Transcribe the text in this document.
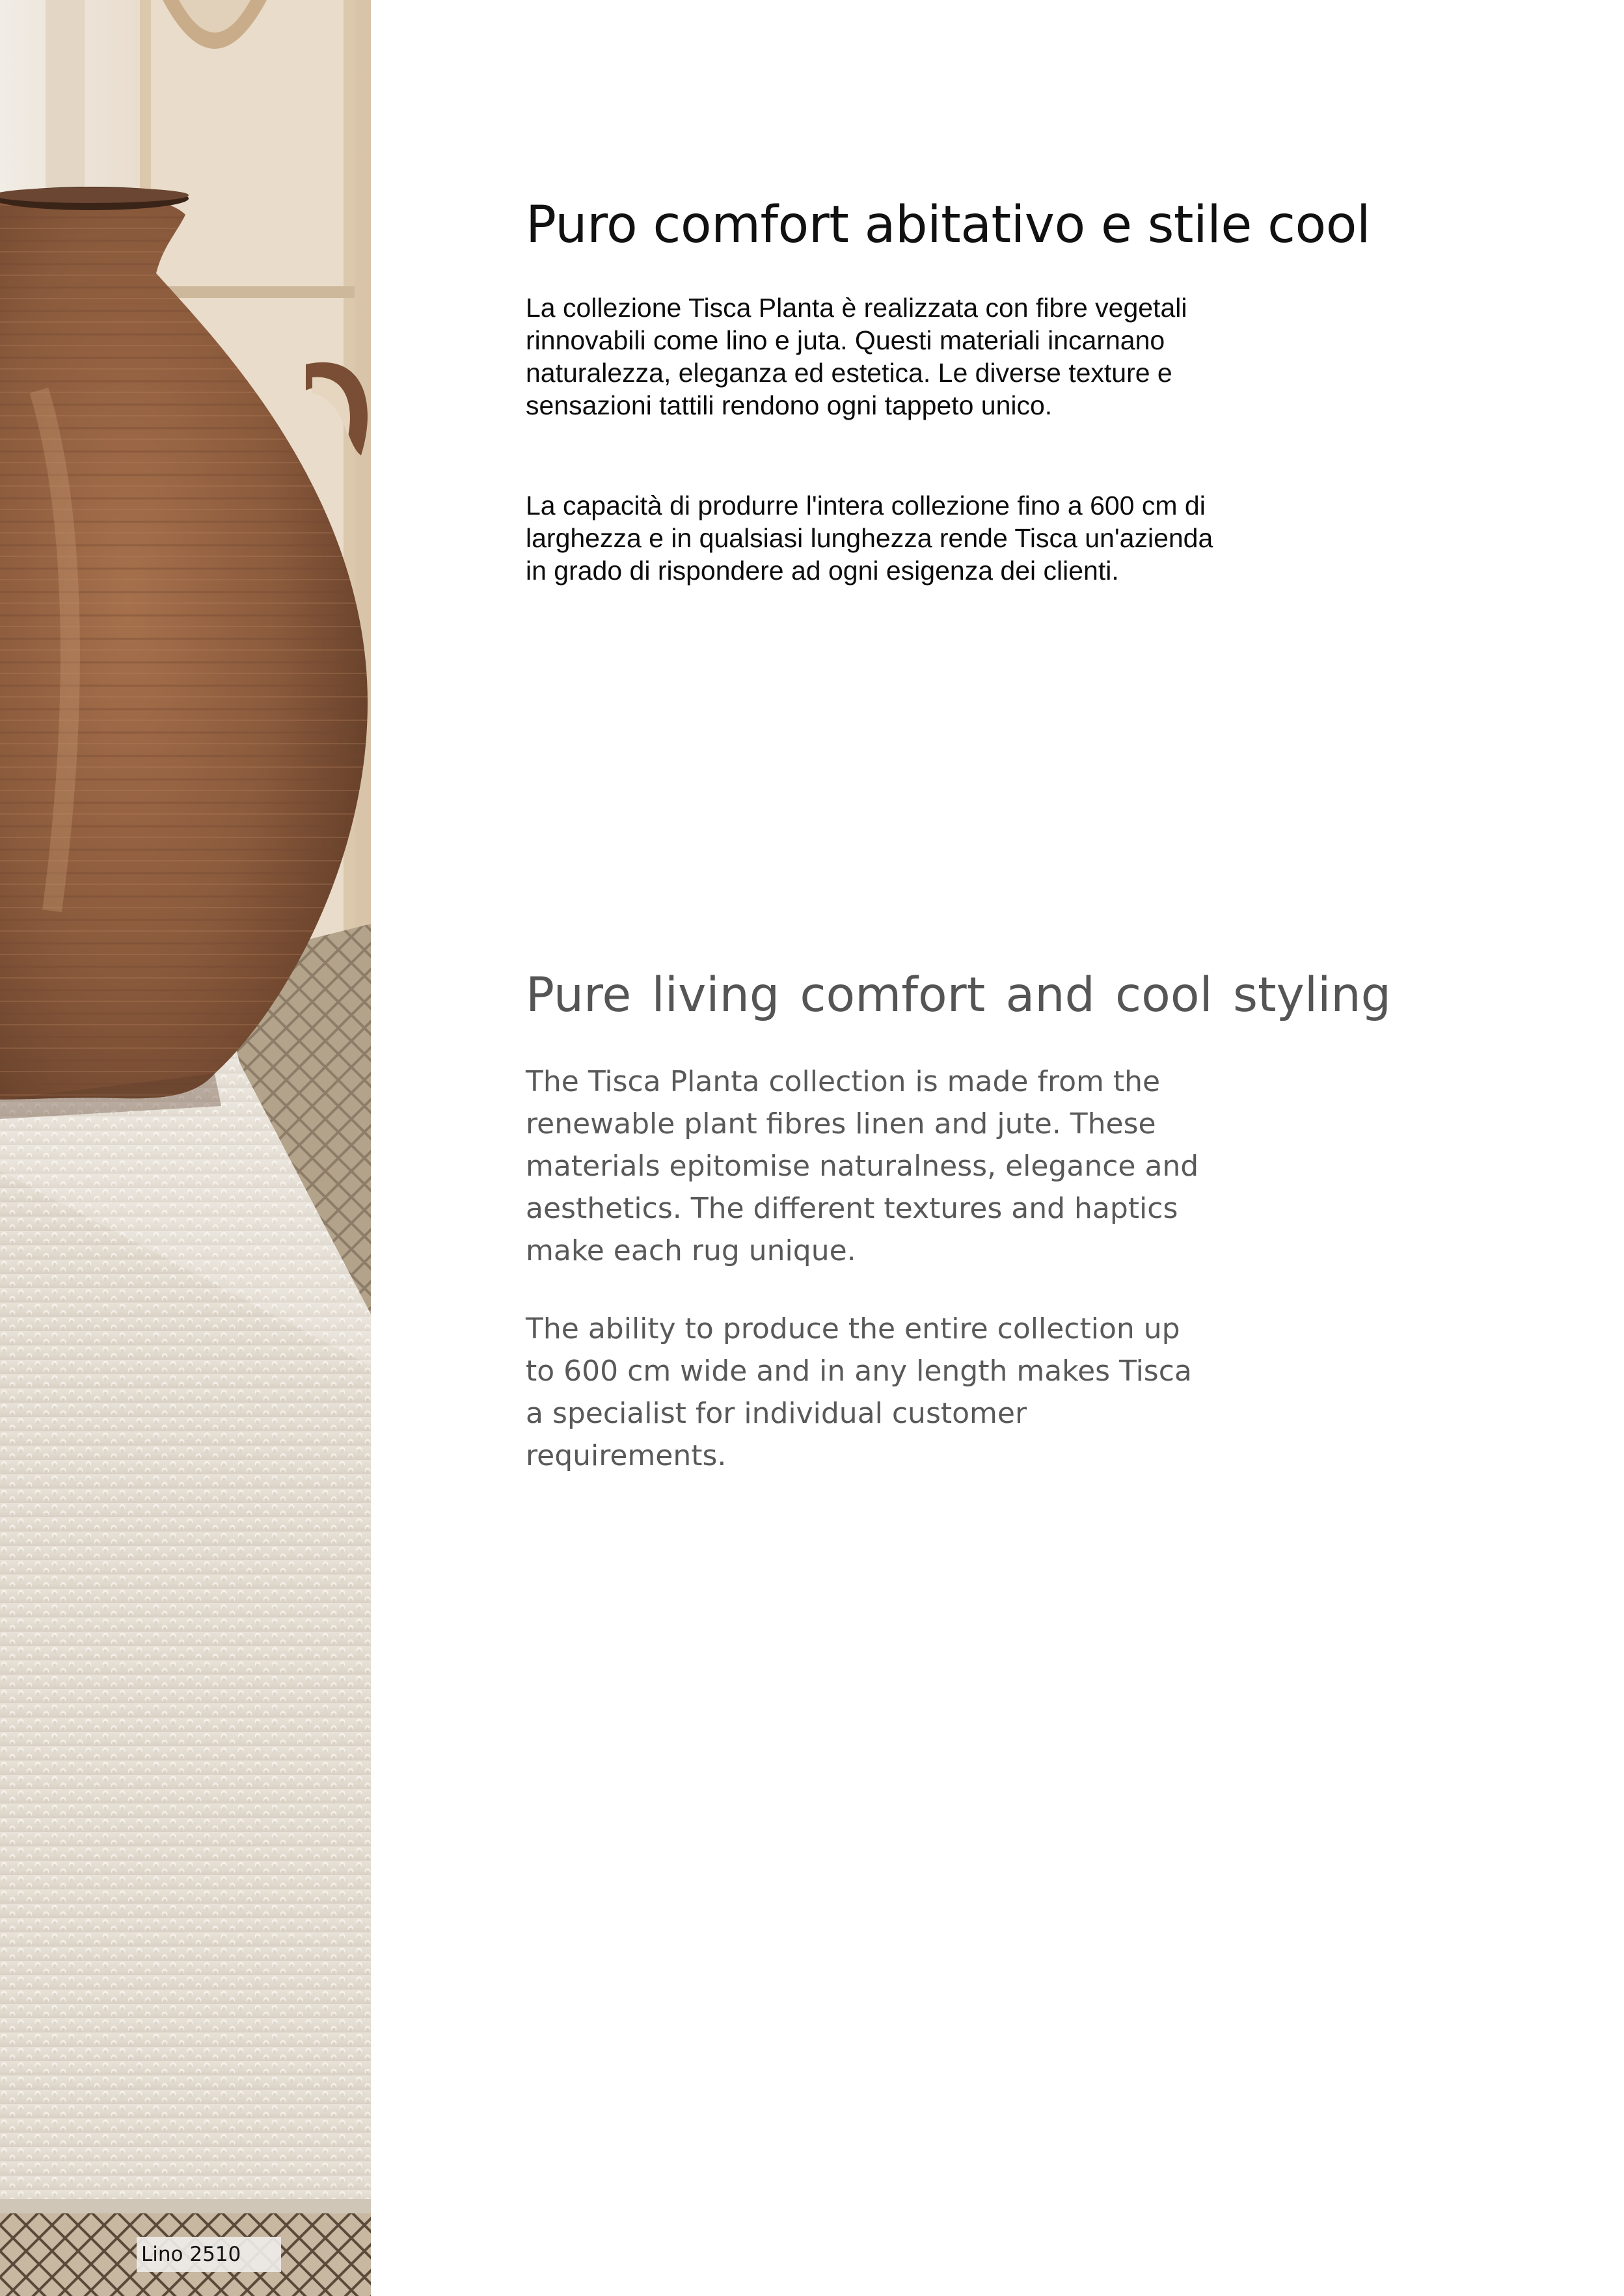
Lino 2510
Puro comfort abitativo e stile cool

La collezione Tisca Planta è realizzata con fibre vegetali rinnovabili come lino e juta. Questi materiali incarnano naturalezza, eleganza ed estetica. Le diverse texture e sensazioni tattili rendono ogni tappeto unico.

La capacità di produrre l'intera collezione fino a 600 cm di larghezza e in qualsiasi lunghezza rende Tisca un'azienda in grado di rispondere ad ogni esigenza dei clienti.

Pure living comfort and cool styling

The Tisca Planta collection is made from the renewable plant fibres linen and jute. These materials epitomise naturalness, elegance and aesthetics. The different textures and haptics make each rug unique.

The ability to produce the entire collection up to 600 cm wide and in any length makes Tisca a specialist for individual customer requirements.
